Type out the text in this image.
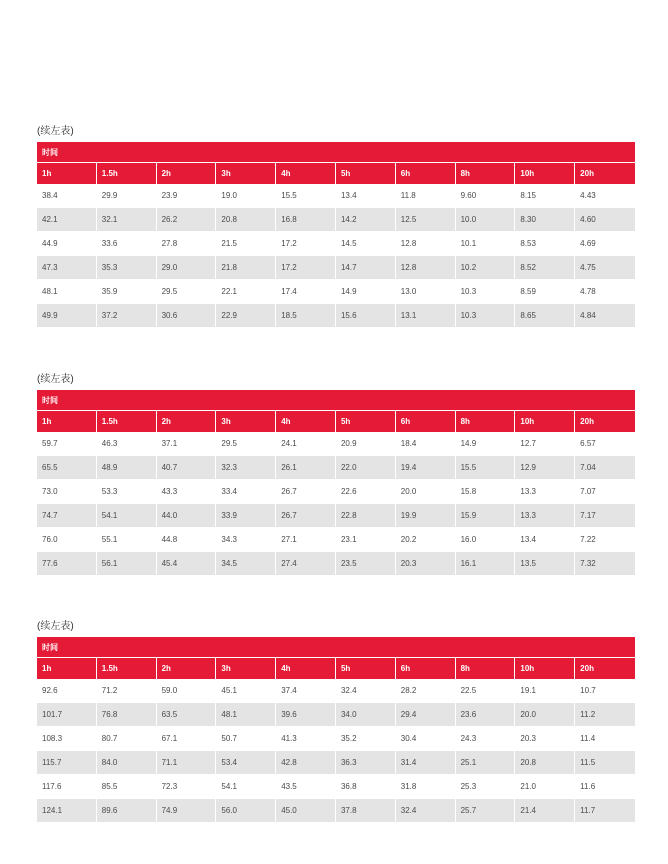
(续左表)
时间									
1h	1.5h	2h	3h	4h	5h	6h	8h	10h	20h
38.4	29.9	23.9	19.0	15.5	13.4	11.8	9.60	8.15	4.43
42.1	32.1	26.2	20.8	16.8	14.2	12.5	10.0	8.30	4.60
44.9	33.6	27.8	21.5	17.2	14.5	12.8	10.1	8.53	4.69
47.3	35.3	29.0	21.8	17.2	14.7	12.8	10.2	8.52	4.75
48.1	35.9	29.5	22.1	17.4	14.9	13.0	10.3	8.59	4.78
49.9	37.2	30.6	22.9	18.5	15.6	13.1	10.3	8.65	4.84
(续左表)
时间									
1h	1.5h	2h	3h	4h	5h	6h	8h	10h	20h
59.7	46.3	37.1	29.5	24.1	20.9	18.4	14.9	12.7	6.57
65.5	48.9	40.7	32.3	26.1	22.0	19.4	15.5	12.9	7.04
73.0	53.3	43.3	33.4	26.7	22.6	20.0	15.8	13.3	7.07
74.7	54.1	44.0	33.9	26.7	22.8	19.9	15.9	13.3	7.17
76.0	55.1	44.8	34.3	27.1	23.1	20.2	16.0	13.4	7.22
77.6	56.1	45.4	34.5	27.4	23.5	20.3	16.1	13.5	7.32
(续左表)
时间									
1h	1.5h	2h	3h	4h	5h	6h	8h	10h	20h
92.6	71.2	59.0	45.1	37.4	32.4	28.2	22.5	19.1	10.7
101.7	76.8	63.5	48.1	39.6	34.0	29.4	23.6	20.0	11.2
108.3	80.7	67.1	50.7	41.3	35.2	30.4	24.3	20.3	11.4
115.7	84.0	71.1	53.4	42.8	36.3	31.4	25.1	20.8	11.5
117.6	85.5	72.3	54.1	43.5	36.8	31.8	25.3	21.0	11.6
124.1	89.6	74.9	56.0	45.0	37.8	32.4	25.7	21.4	11.7
